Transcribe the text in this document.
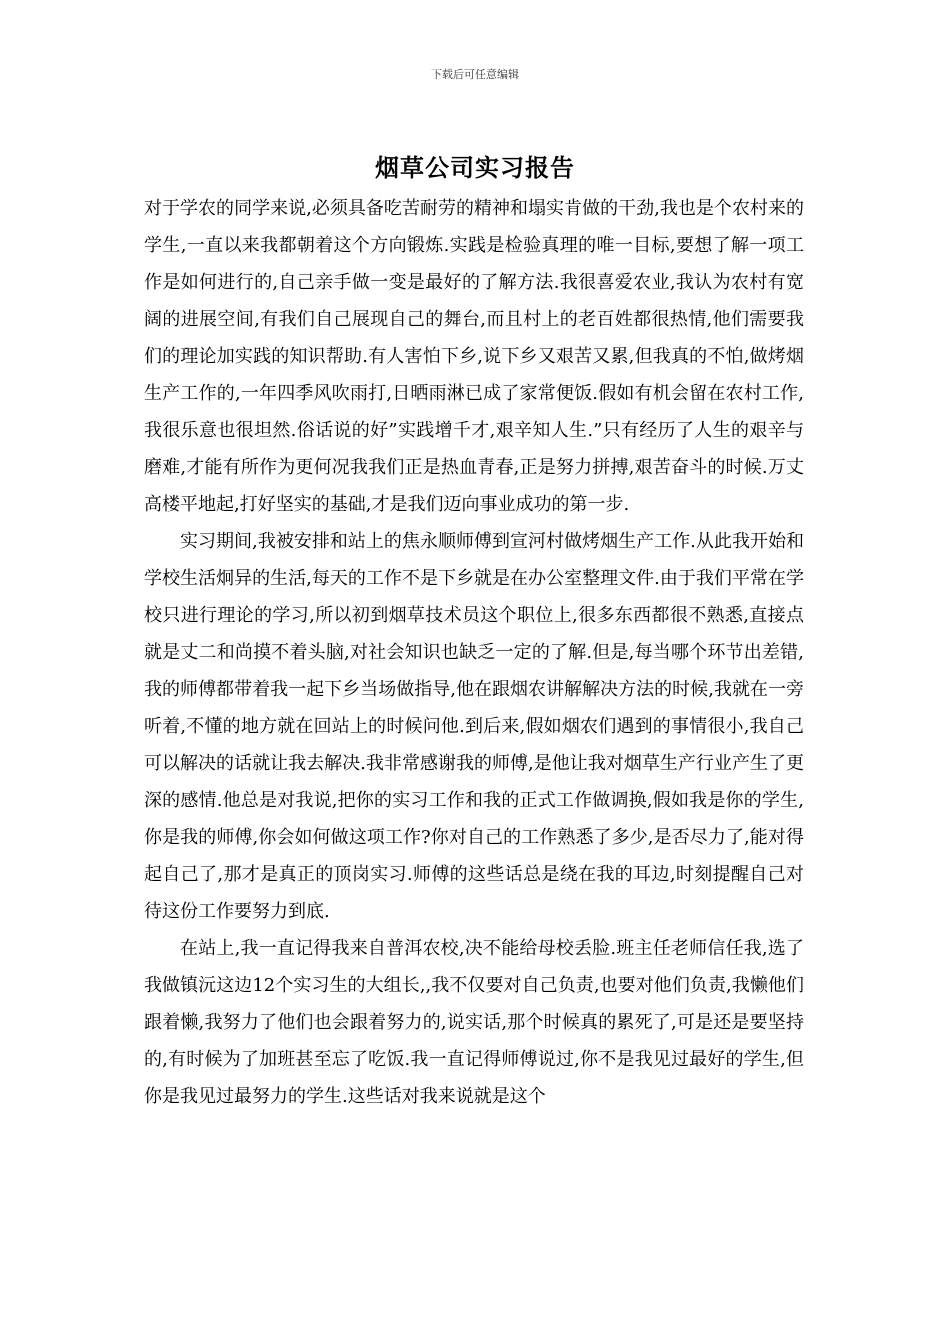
下载后可任意编辑
烟草公司实习报告

对于学农的同学来说,必须具备吃苦耐劳的精神和塌实肯做的干劲,我也是个农村来的学生,一直以来我都朝着这个方向锻炼.实践是检验真理的唯一目标,要想了解一项工作是如何进行的,自己亲手做一变是最好的了解方法.我很喜爱农业,我认为农村有宽阔的进展空间,有我们自己展现自己的舞台,而且村上的老百姓都很热情,他们需要我们的理论加实践的知识帮助.有人害怕下乡,说下乡又艰苦又累,但我真的不怕,做烤烟生产工作的,一年四季风吹雨打,日晒雨淋已成了家常便饭.假如有机会留在农村工作,我很乐意也很坦然.俗话说的好”实践增千才,艰辛知人生.”只有经历了人生的艰辛与磨难,才能有所作为更何况我我们正是热血青春,正是努力拼搏,艰苦奋斗的时候.万丈高楼平地起,打好坚实的基础,才是我们迈向事业成功的第一步.

实习期间,我被安排和站上的焦永顺师傅到宣河村做烤烟生产工作.从此我开始和学校生活炯异的生活,每天的工作不是下乡就是在办公室整理文件.由于我们平常在学校只进行理论的学习,所以初到烟草技术员这个职位上,很多东西都很不熟悉,直接点就是丈二和尚摸不着头脑,对社会知识也缺乏一定的了解.但是,每当哪个环节出差错,我的师傅都带着我一起下乡当场做指导,他在跟烟农讲解解决方法的时候,我就在一旁听着,不懂的地方就在回站上的时候问他.到后来,假如烟农们遇到的事情很小,我自己可以解决的话就让我去解决.我非常感谢我的师傅,是他让我对烟草生产行业产生了更深的感情.他总是对我说,把你的实习工作和我的正式工作做调换,假如我是你的学生,你是我的师傅,你会如何做这项工作?你对自己的工作熟悉了多少,是否尽力了,能对得起自己了,那才是真正的顶岗实习.师傅的这些话总是绕在我的耳边,时刻提醒自己对待这份工作要努力到底.

在站上,我一直记得我来自普洱农校,决不能给母校丢脸.班主任老师信任我,选了我做镇沅这边12个实习生的大组长,,我不仅要对自己负责,也要对他们负责,我懒他们跟着懒,我努力了他们也会跟着努力的,说实话,那个时候真的累死了,可是还是要坚持的,有时候为了加班甚至忘了吃饭.我一直记得师傅说过,你不是我见过最好的学生,但你是我见过最努力的学生.这些话对我来说就是这个
